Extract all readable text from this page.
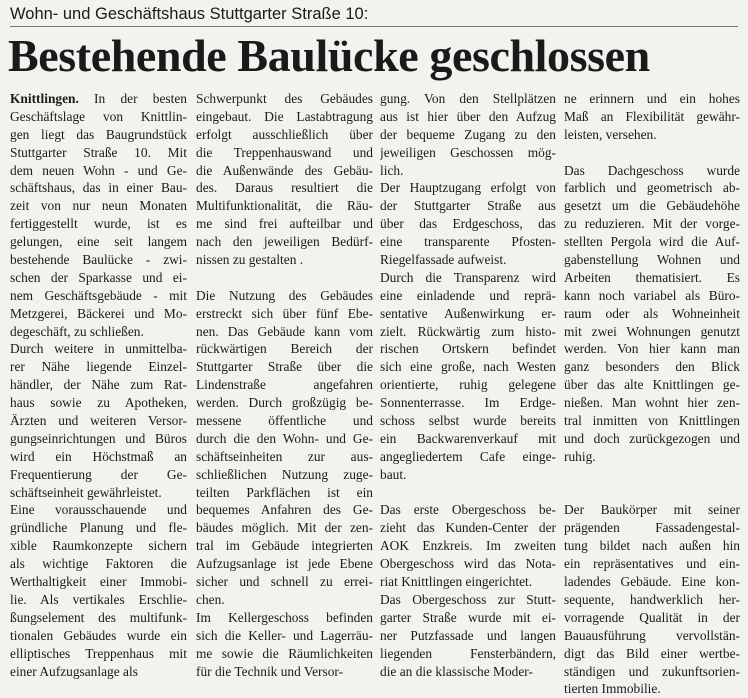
Wohn- und Geschäftshaus Stuttgarter Straße 10:
Bestehende Baulücke geschlossen
Knittlingen. In der besten
Geschäftslage von Knittlin-
gen liegt das Baugrundstück
Stuttgarter Straße 10. Mit
dem neuen Wohn - und Ge-
schäftshaus, das in einer Bau-
zeit von nur neun Monaten
fertiggestellt wurde, ist es
gelungen, eine seit langem
bestehende Baulücke - zwi-
schen der Sparkasse und ei-
nem Geschäftsgebäude - mit
Metzgerei, Bäckerei und Mo-
degeschäft, zu schließen.
Durch weitere in unmittelba-
rer Nähe liegende Einzel-
händler, der Nähe zum Rat-
haus sowie zu Apotheken,
Ärzten und weiteren Versor-
gungseinrichtungen und Büros
wird ein Höchstmaß an
Frequentierung der Ge-
schäftseinheit gewährleistet.
Eine vorausschauende und
gründliche Planung und fle-
xible Raumkonzepte sichern
als wichtige Faktoren die
Werthaltigkeit einer Immobi-
lie. Als vertikales Erschlie-
ßungselement des multifunk-
tionalen Gebäudes wurde ein
elliptisches Treppenhaus mit
einer Aufzugsanlage als
Schwerpunkt des Gebäudes
eingebaut. Die Lastabtragung
erfolgt ausschließlich über
die Treppenhauswand und
die Außenwände des Gebäu-
des. Daraus resultiert die
Multifunktionalität, die Räu-
me sind frei aufteilbar und
nach den jeweiligen Bedürf-
nissen zu gestalten .
Die Nutzung des Gebäudes
erstreckt sich über fünf Ebe-
nen. Das Gebäude kann vom
rückwärtigen Bereich der
Stuttgarter Straße über die
Lindenstraße angefahren
werden. Durch großzügig be-
messene öffentliche und
durch die den Wohn- und Ge-
schäftseinheiten zur aus-
schließlichen Nutzung zuge-
teilten Parkflächen ist ein
bequemes Anfahren des Ge-
bäudes möglich. Mit der zen-
tral im Gebäude integrierten
Aufzugsanlage ist jede Ebene
sicher und schnell zu errei-
chen.
Im Kellergeschoss befinden
sich die Keller- und Lagerräu-
me sowie die Räumlichkeiten
für die Technik und Versor-
gung. Von den Stellplätzen
aus ist hier über den Aufzug
der bequeme Zugang zu den
jeweiligen Geschossen mög-
lich.
Der Hauptzugang erfolgt von
der Stuttgarter Straße aus
über das Erdgeschoss, das
eine transparente Pfosten-
Riegelfassade aufweist.
Durch die Transparenz wird
eine einladende und reprä-
sentative Außenwirkung er-
zielt. Rückwärtig zum histo-
rischen Ortskern befindet
sich eine große, nach Westen
orientierte, ruhig gelegene
Sonnenterrasse. Im Erdge-
schoss selbst wurde bereits
ein Backwarenverkauf mit
angegliedertem Cafe einge-
baut.
Das erste Obergeschoss be-
zieht das Kunden-Center der
AOK Enzkreis. Im zweiten
Obergeschoss wird das Nota-
riat Knittlingen eingerichtet.
Das Obergeschoss zur Stutt-
garter Straße wurde mit ei-
ner Putzfassade und langen
liegenden Fensterbändern,
die an die klassische Moder-
ne erinnern und ein hohes
Maß an Flexibilität gewähr-
leisten, versehen.
Das Dachgeschoss wurde
farblich und geometrisch ab-
gesetzt um die Gebäudehöhe
zu reduzieren. Mit der vorge-
stellten Pergola wird die Auf-
gabenstellung Wohnen und
Arbeiten thematisiert. Es
kann noch variabel als Büro-
raum oder als Wohneinheit
mit zwei Wohnungen genutzt
werden. Von hier kann man
ganz besonders den Blick
über das alte Knittlingen ge-
nießen. Man wohnt hier zen-
tral inmitten von Knittlingen
und doch zurückgezogen und
ruhig.
Der Baukörper mit seiner
prägenden Fassadengestal-
tung bildet nach außen hin
ein repräsentatives und ein-
ladendes Gebäude. Eine kon-
sequente, handwerklich her-
vorragende Qualität in der
Bauausführung vervollstän-
digt das Bild einer wertbe-
ständigen und zukunftsorien-
tierten Immobilie.
